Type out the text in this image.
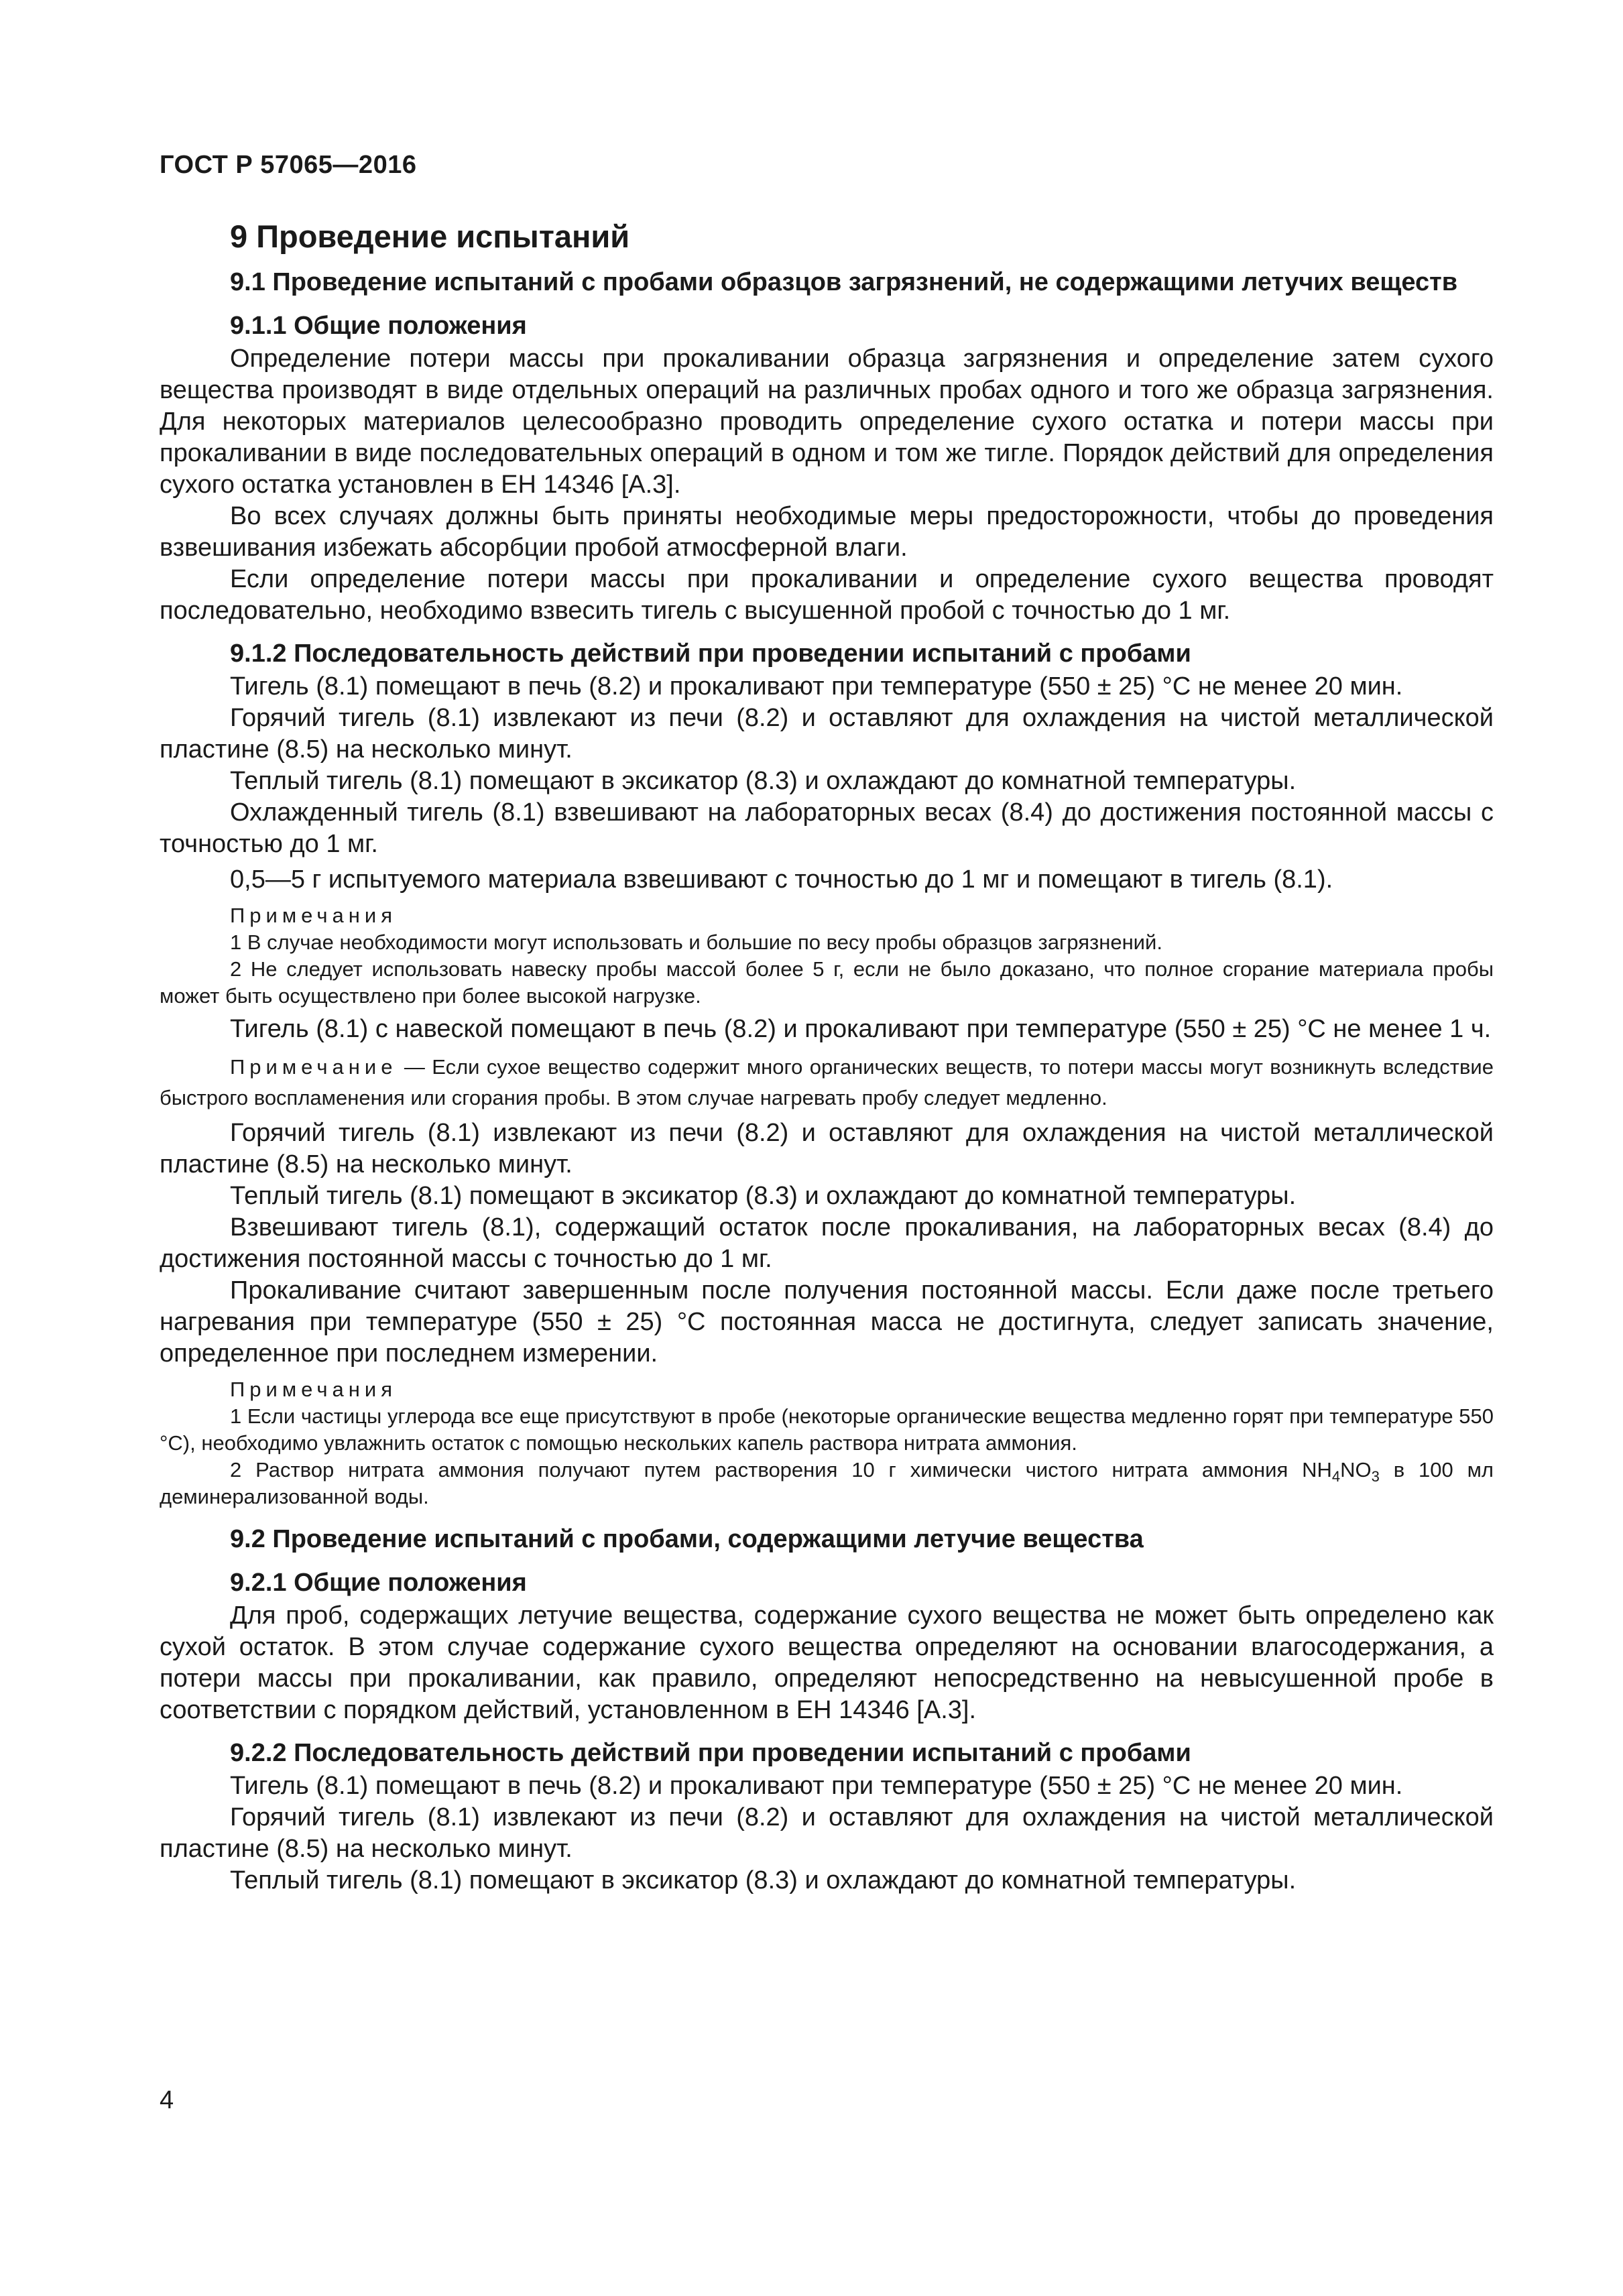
ГОСТ Р 57065—2016
9 Проведение испытаний
9.1 Проведение испытаний с пробами образцов загрязнений, не содержащими летучих веществ
9.1.1 Общие положения

Определение потери массы при прокаливании образца загрязнения и определение затем сухого вещества производят в виде отдельных операций на различных пробах одного и того же образца загрязнения. Для некоторых материалов целесообразно проводить определение сухого остатка и потери массы при прокаливании в виде последовательных операций в одном и том же тигле. Порядок действий для определения сухого остатка установлен в ЕН 14346 [А.3].

Во всех случаях должны быть приняты необходимые меры предосторожности, чтобы до проведения взвешивания избежать абсорбции пробой атмосферной влаги.

Если определение потери массы при прокаливании и определение сухого вещества проводят последовательно, необходимо взвесить тигель с высушенной пробой с точностью до 1 мг.

9.1.2 Последовательность действий при проведении испытаний с пробами

Тигель (8.1) помещают в печь (8.2) и прокаливают при температуре (550 ± 25) °С не менее 20 мин.

Горячий тигель (8.1) извлекают из печи (8.2) и оставляют для охлаждения на чистой металлической пластине (8.5) на несколько минут.

Теплый тигель (8.1) помещают в эксикатор (8.3) и охлаждают до комнатной температуры.

Охлажденный тигель (8.1) взвешивают на лабораторных весах (8.4) до достижения постоянной массы с точностью до 1 мг.

0,5—5 г испытуемого материала взвешивают с точностью до 1 мг и помещают в тигель (8.1).

Примечания

1 В случае необходимости могут использовать и большие по весу пробы образцов загрязнений.

2 Не следует использовать навеску пробы массой более 5 г, если не было доказано, что полное сгорание материала пробы может быть осуществлено при более высокой нагрузке.

Тигель (8.1) с навеской помещают в печь (8.2) и прокаливают при температуре (550 ± 25) °С не менее 1 ч.

Примечание — Если сухое вещество содержит много органических веществ, то потери массы могут возникнуть вследствие быстрого воспламенения или сгорания пробы. В этом случае нагревать пробу следует медленно.

Горячий тигель (8.1) извлекают из печи (8.2) и оставляют для охлаждения на чистой металлической пластине (8.5) на несколько минут.

Теплый тигель (8.1) помещают в эксикатор (8.3) и охлаждают до комнатной температуры.

Взвешивают тигель (8.1), содержащий остаток после прокаливания, на лабораторных весах (8.4) до достижения постоянной массы с точностью до 1 мг.

Прокаливание считают завершенным после получения постоянной массы. Если даже после третьего нагревания при температуре (550 ± 25) °С постоянная масса не достигнута, следует записать значение, определенное при последнем измерении.

Примечания

1 Если частицы углерода все еще присутствуют в пробе (некоторые органические вещества медленно горят при температуре 550 °С), необходимо увлажнить остаток с помощью нескольких капель раствора нитрата аммония.

2 Раствор нитрата аммония получают путем растворения 10 г химически чистого нитрата аммония $NH_4NO_3$ в 100 мл деминерализованной воды.

9.2 Проведение испытаний с пробами, содержащими летучие вещества
9.2.1 Общие положения

Для проб, содержащих летучие вещества, содержание сухого вещества не может быть определено как сухой остаток. В этом случае содержание сухого вещества определяют на основании влагосодержания, а потери массы при прокаливании, как правило, определяют непосредственно на невысушенной пробе в соответствии с порядком действий, установленном в ЕН 14346 [А.3].

9.2.2 Последовательность действий при проведении испытаний с пробами

Тигель (8.1) помещают в печь (8.2) и прокаливают при температуре (550 ± 25) °С не менее 20 мин.

Горячий тигель (8.1) извлекают из печи (8.2) и оставляют для охлаждения на чистой металлической пластине (8.5) на несколько минут.

Теплый тигель (8.1) помещают в эксикатор (8.3) и охлаждают до комнатной температуры.

4
